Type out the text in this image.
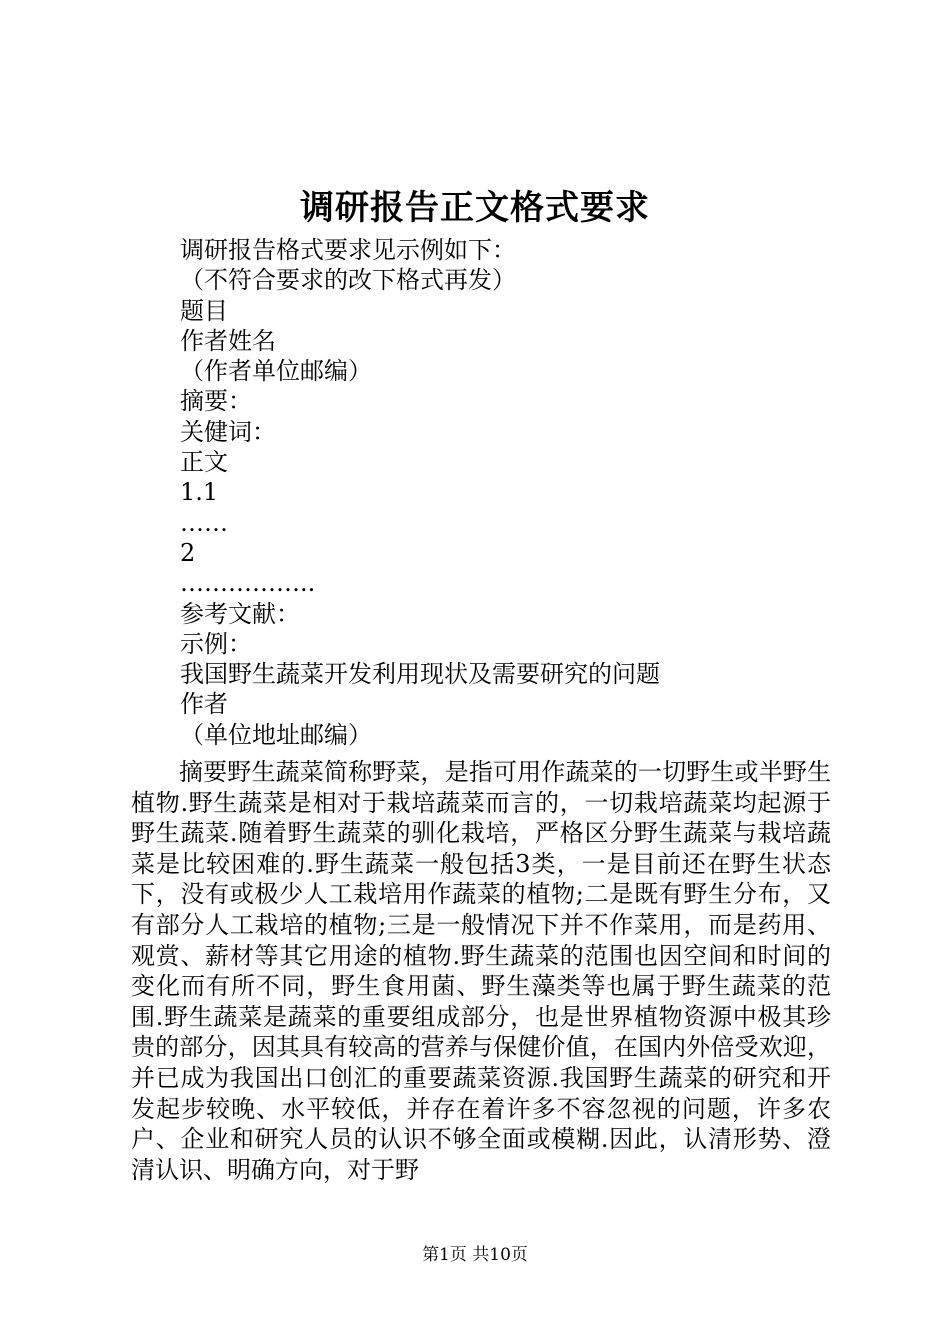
调研报告正文格式要求

调研报告格式要求见示例如下：

（不符合要求的改下格式再发）

题目

作者姓名

（作者单位邮编）

摘要：

关健词：

正文

1.1

……

2

……………..

参考文献：

示例：

我国野生蔬菜开发利用现状及需要研究的问题

作者

（单位地址邮编）

摘要野生蔬菜简称野菜，是指可用作蔬菜的一切野生或半野生植物.野生蔬菜是相对于栽培蔬菜而言的，一切栽培蔬菜均起源于野生蔬菜.随着野生蔬菜的驯化栽培，严格区分野生蔬菜与栽培蔬菜是比较困难的.野生蔬菜一般包括3类，一是目前还在野生状态下，没有或极少人工栽培用作蔬菜的植物;二是既有野生分布，又有部分人工栽培的植物;三是一般情况下并不作菜用，而是药用、观赏、薪材等其它用途的植物.野生蔬菜的范围也因空间和时间的变化而有所不同，野生食用菌、野生藻类等也属于野生蔬菜的范围.野生蔬菜是蔬菜的重要组成部分，也是世界植物资源中极其珍贵的部分，因其具有较高的营养与保健价值，在国内外倍受欢迎，并已成为我国出口创汇的重要蔬菜资源.我国野生蔬菜的研究和开发起步较晚、水平较低，并存在着许多不容忽视的问题，许多农户、企业和研究人员的认识不够全面或模糊.因此，认清形势、澄清认识、明确方向，对于野

第1页 共10页
